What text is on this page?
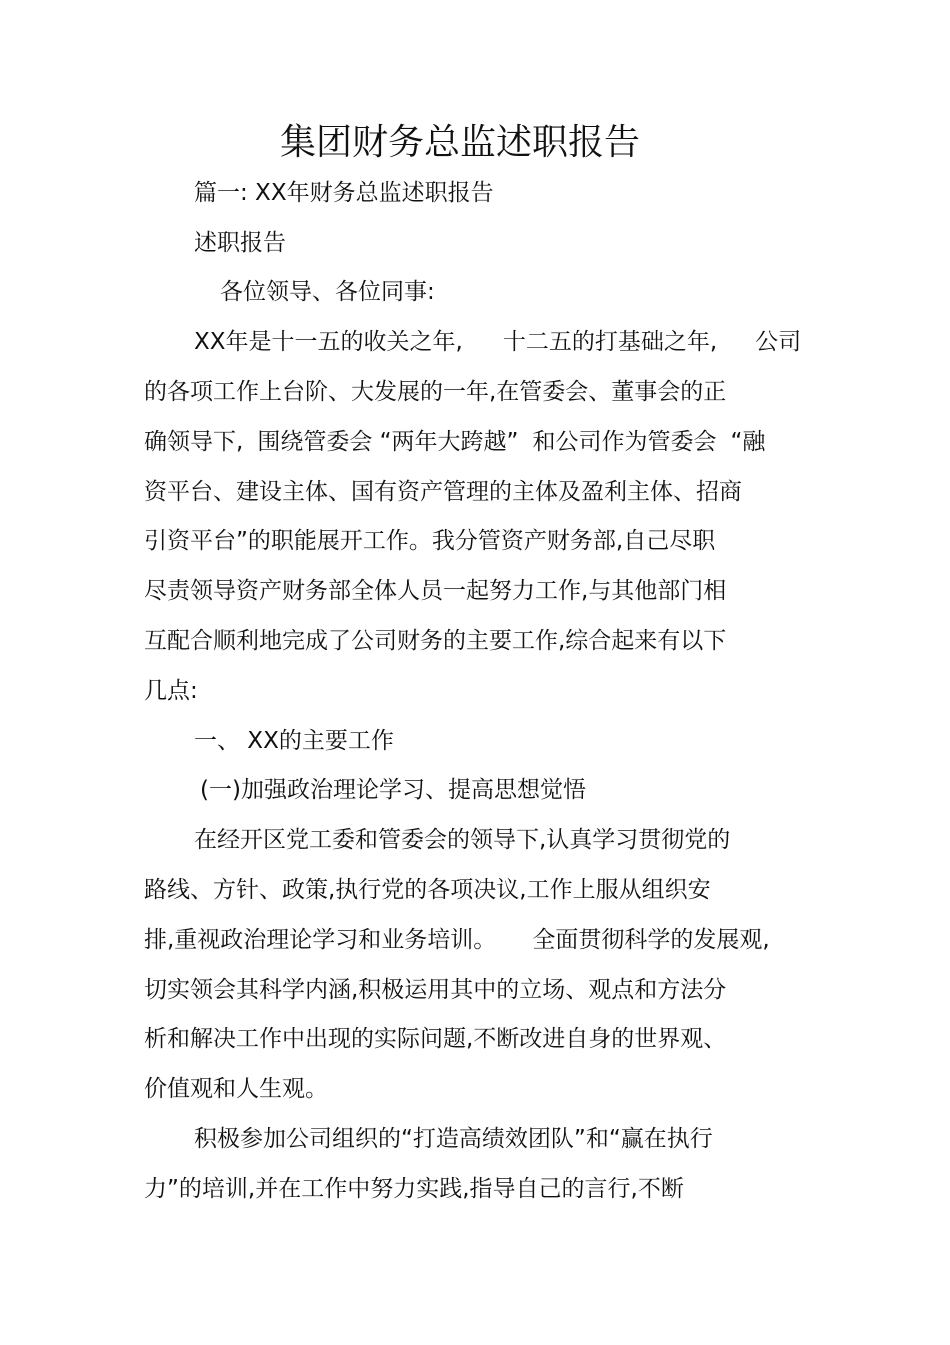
集团财务总监述职报告
篇一: XX年财务总监述职报告
述职报告
各位领导、各位同事:
XX年是十一五的收关之年, 十二五的打基础之年, 公司
的各项工作上台阶、大发展的一年,在管委会、董事会的正
确领导下, 围绕管委会 “两年大跨越” 和公司作为管委会 “融
资平台、建设主体、国有资产管理的主体及盈利主体、招商
引资平台”的职能展开工作。我分管资产财务部,自己尽职
尽责领导资产财务部全体人员一起努力工作,与其他部门相
互配合顺利地完成了公司财务的主要工作,综合起来有以下
几点:
一、 XX的主要工作
(一)加强政治理论学习、提高思想觉悟
在经开区党工委和管委会的领导下,认真学习贯彻党的
路线、方针、政策,执行党的各项决议,工作上服从组织安
排,重视政治理论学习和业务培训。 全面贯彻科学的发展观,
切实领会其科学内涵,积极运用其中的立场、观点和方法分
析和解决工作中出现的实际问题,不断改进自身的世界观、
价值观和人生观。
积极参加公司组织的“打造高绩效团队”和“赢在执行
力”的培训,并在工作中努力实践,指导自己的言行,不断
